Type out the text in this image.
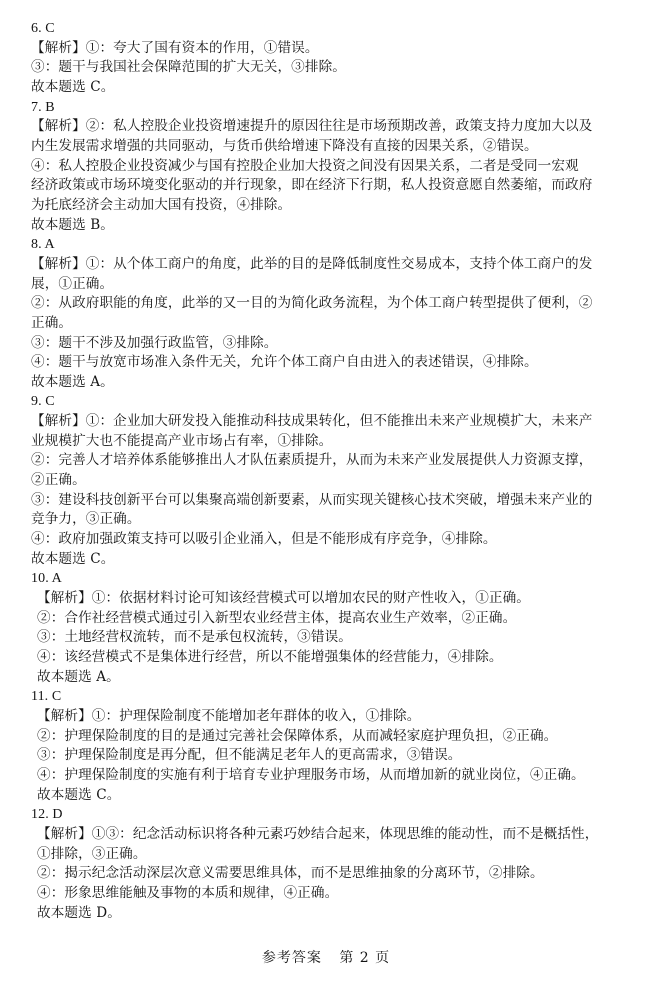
6. C
【解析】①：夸大了国有资本的作用，①错误。
③：题干与我国社会保障范围的扩大无关，③排除。
故本题选 C。
7. B
【解析】②：私人控股企业投资增速提升的原因往往是市场预期改善，政策支持力度加大以及
内生发展需求增强的共同驱动，与货币供给增速下降没有直接的因果关系，②错误。
④：私人控股企业投资减少与国有控股企业加大投资之间没有因果关系，二者是受同一宏观
经济政策或市场环境变化驱动的并行现象，即在经济下行期，私人投资意愿自然萎缩，而政府
为托底经济会主动加大国有投资，④排除。
故本题选 B。
8. A
【解析】①：从个体工商户的角度，此举的目的是降低制度性交易成本，支持个体工商户的发
展，①正确。
②：从政府职能的角度，此举的又一目的为简化政务流程，为个体工商户转型提供了便利，②
正确。
③：题干不涉及加强行政监管，③排除。
④：题干与放宽市场准入条件无关，允许个体工商户自由进入的表述错误，④排除。
故本题选 A。
9. C
【解析】①：企业加大研发投入能推动科技成果转化，但不能推出未来产业规模扩大，未来产
业规模扩大也不能提高产业市场占有率，①排除。
②：完善人才培养体系能够推出人才队伍素质提升，从而为未来产业发展提供人力资源支撑，
②正确。
③：建设科技创新平台可以集聚高端创新要素，从而实现关键核心技术突破，增强未来产业的
竞争力，③正确。
④：政府加强政策支持可以吸引企业涌入，但是不能形成有序竞争，④排除。
故本题选 C。
10. A
【解析】①：依据材料讨论可知该经营模式可以增加农民的财产性收入，①正确。
②：合作社经营模式通过引入新型农业经营主体，提高农业生产效率，②正确。
③：土地经营权流转，而不是承包权流转，③错误。
④：该经营模式不是集体进行经营，所以不能增强集体的经营能力，④排除。
故本题选 A。
11. C
【解析】①：护理保险制度不能增加老年群体的收入，①排除。
②：护理保险制度的目的是通过完善社会保障体系，从而减轻家庭护理负担，②正确。
③：护理保险制度是再分配，但不能满足老年人的更高需求，③错误。
④：护理保险制度的实施有利于培育专业护理服务市场，从而增加新的就业岗位，④正确。
故本题选 C。
12. D
【解析】①③：纪念活动标识将各种元素巧妙结合起来，体现思维的能动性，而不是概括性，
①排除，③正确。
②：揭示纪念活动深层次意义需要思维具体，而不是思维抽象的分离环节，②排除。
④：形象思维能触及事物的本质和规律，④正确。
故本题选 D。
参考答案 第 2 页
